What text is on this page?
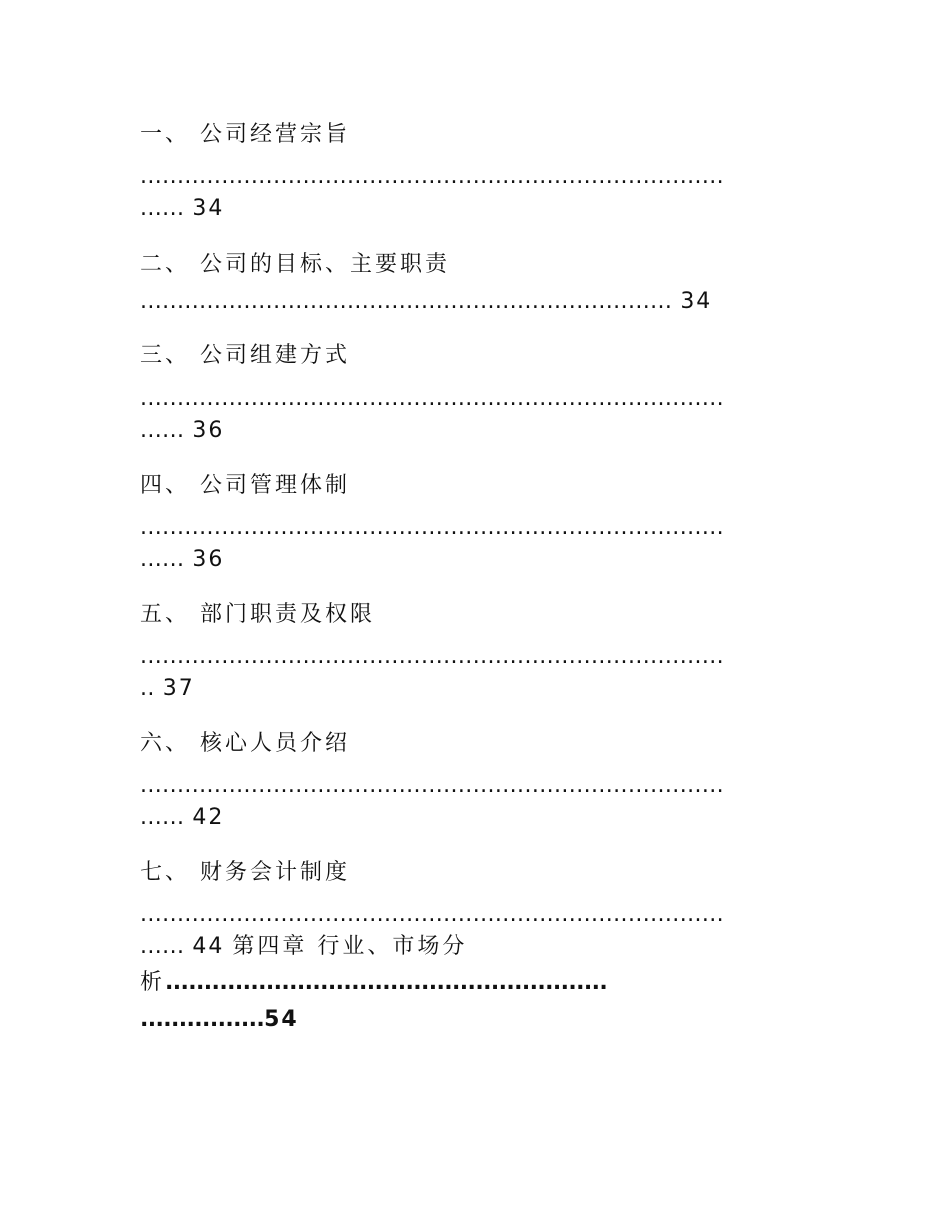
一、 公司经营宗旨
...............................................................................
...... 34
二、 公司的目标、主要职责
........................................................................ 34
三、 公司组建方式
...............................................................................
...... 36
四、 公司管理体制
...............................................................................
...... 36
五、 部门职责及权限
...............................................................................
.. 37
六、 核心人员介绍
...............................................................................
...... 42
七、 财务会计制度
...............................................................................
...... 44 第四章 行业、市场分
析.........................................................
................54
